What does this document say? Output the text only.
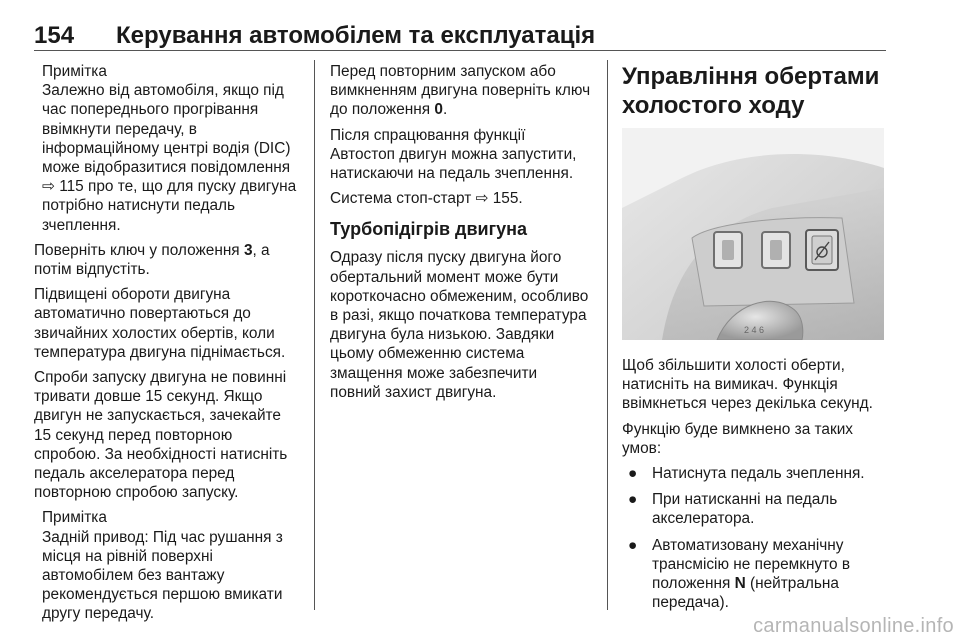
154 Керування автомобілем та експлуатація
Примітка
Залежно від автомобіля, якщо під час попереднього прогрівання ввімкнути передачу, в інформаційному центрі водія (DIC) може відобразитися повідомлення ⇨ 115 про те, що для пуску двигуна потрібно натиснути педаль зчеплення.

Поверніть ключ у положення 3, а потім відпустіть.

Підвищені обороти двигуна автоматично повертаються до звичайних холостих обертів, коли температура двигуна піднімається.

Спроби запуску двигуна не повинні тривати довше 15 секунд. Якщо двигун не запускається, зачекайте 15 секунд перед повторною спробою. За необхідності натисніть педаль акселератора перед повторною спробою запуску.

Примітка
Задній привод: Під час рушання з місця на рівній поверхні автомобілем без вантажу рекомендується першою вмикати другу передачу.

Перед повторним запуском або вимкненням двигуна поверніть ключ до положення 0.

Після спрацювання функції Автостоп двигун можна запустити, натискаючи на педаль зчеплення.

Система стоп-старт ⇨ 155.

Турбопідігрів двигуна

Одразу після пуску двигуна його обертальний момент може бути короткочасно обмеженим, особливо в разі, якщо початкова температура двигуна була низькою. Завдяки цьому обмеженню система змащення може забезпечити повний захист двигуна.

Управління обертами холостого ходу
2 4 6

Щоб збільшити холості оберти, натисніть на вимикач. Функція ввімкнеться через декілька секунд.

Функцію буде вимкнено за таких умов:

● Натиснута педаль зчеплення.
● При натисканні на педаль акселератора.
● Автоматизовану механічну трансмісію не перемкнуто в положення N (нейтральна передача).
carmanualsonline.info
